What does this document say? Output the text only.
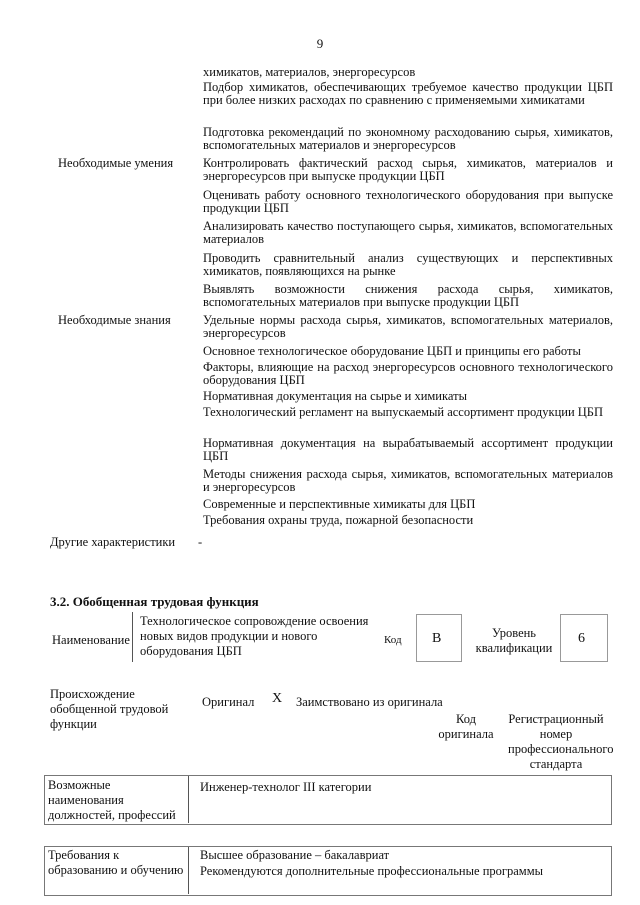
9
химикатов, материалов, энергоресурсов
Подбор химикатов, обеспечивающих требуемое качество продукции ЦБП при более низких расходах по сравнению с применяемыми химикатами
Подготовка рекомендаций по экономному расходованию сырья, химикатов, вспомогательных материалов и энергоресурсов
Контролировать фактический расход сырья, химикатов, материалов и энергоресурсов при выпуске продукции ЦБП
Оценивать работу основного технологического оборудования при выпуске продукции ЦБП
Анализировать качество поступающего сырья, химикатов, вспомогательных материалов
Проводить сравнительный анализ существующих и перспективных химикатов, появляющихся на рынке
Выявлять возможности снижения расхода сырья, химикатов, вспомогательных материалов при выпуске продукции ЦБП
Удельные нормы расхода сырья, химикатов, вспомогательных материалов, энергоресурсов
Основное технологическое оборудование ЦБП и принципы его работы
Факторы, влияющие на расход энергоресурсов основного технологического оборудования ЦБП
Нормативная документация на сырье и химикаты
Технологический регламент на выпускаемый ассортимент продукции ЦБП
Нормативная документация на вырабатываемый ассортимент продукции ЦБП
Методы снижения расхода сырья, химикатов, вспомогательных материалов и энергоресурсов
Современные и перспективные химикаты для ЦБП
Требования охраны труда, пожарной безопасности
Необходимые умения
Необходимые знания
Другие характеристики -
3.2. Обобщенная трудовая функция
Наименование
Технологическое сопровождение освоения новых видов продукции и нового оборудования ЦБП
Код В	Уровень квалификации
6
Происхождение обобщенной трудовой функции
Оригинал Х Заимствовано из оригинала
Код оригинала
Регистрационный номер профессионального стандарта
Возможные наименования должностей, профессий
Инженер-технолог III категории
Требования к образованию и обучению
Высшее образование – бакалавриат
Рекомендуются дополнительные профессиональные программы
